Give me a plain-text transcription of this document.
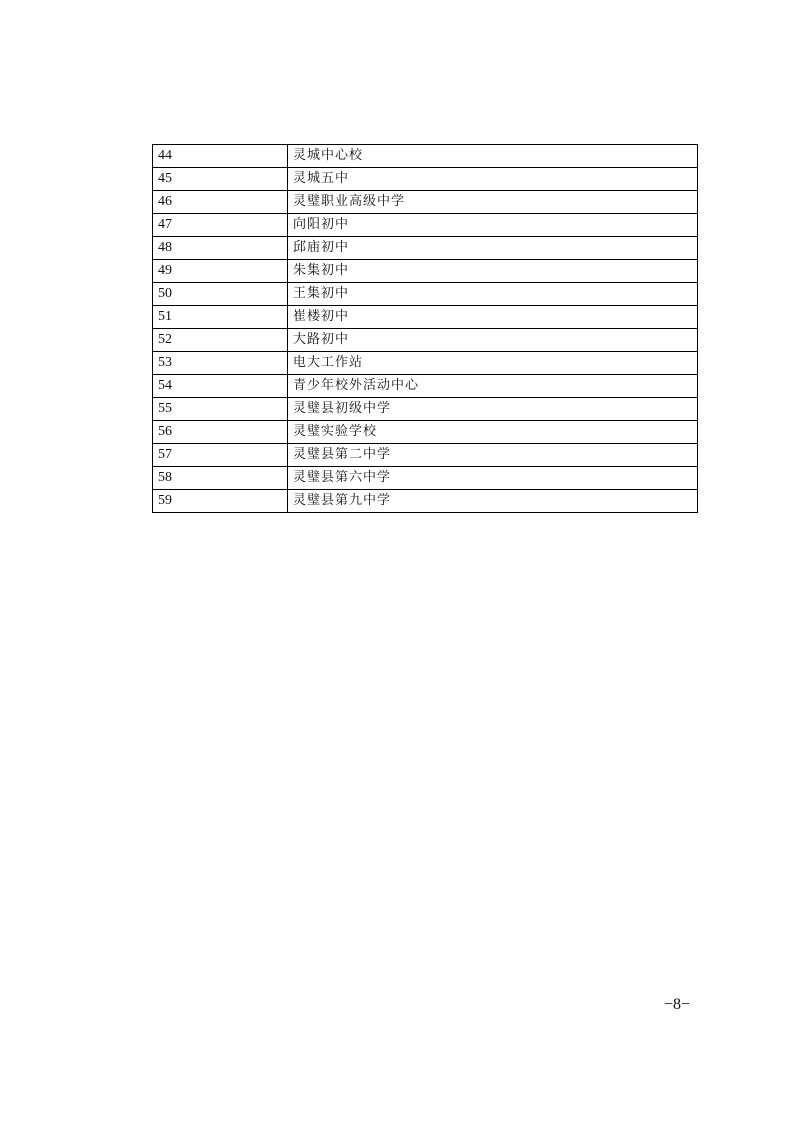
44	灵城中心校
45	灵城五中
46	灵璧职业高级中学
47	向阳初中
48	邱庙初中
49	朱集初中
50	王集初中
51	崔楼初中
52	大路初中
53	电大工作站
54	青少年校外活动中心
55	灵璧县初级中学
56	灵璧实验学校
57	灵璧县第二中学
58	灵璧县第六中学
59	灵璧县第九中学
−8−
